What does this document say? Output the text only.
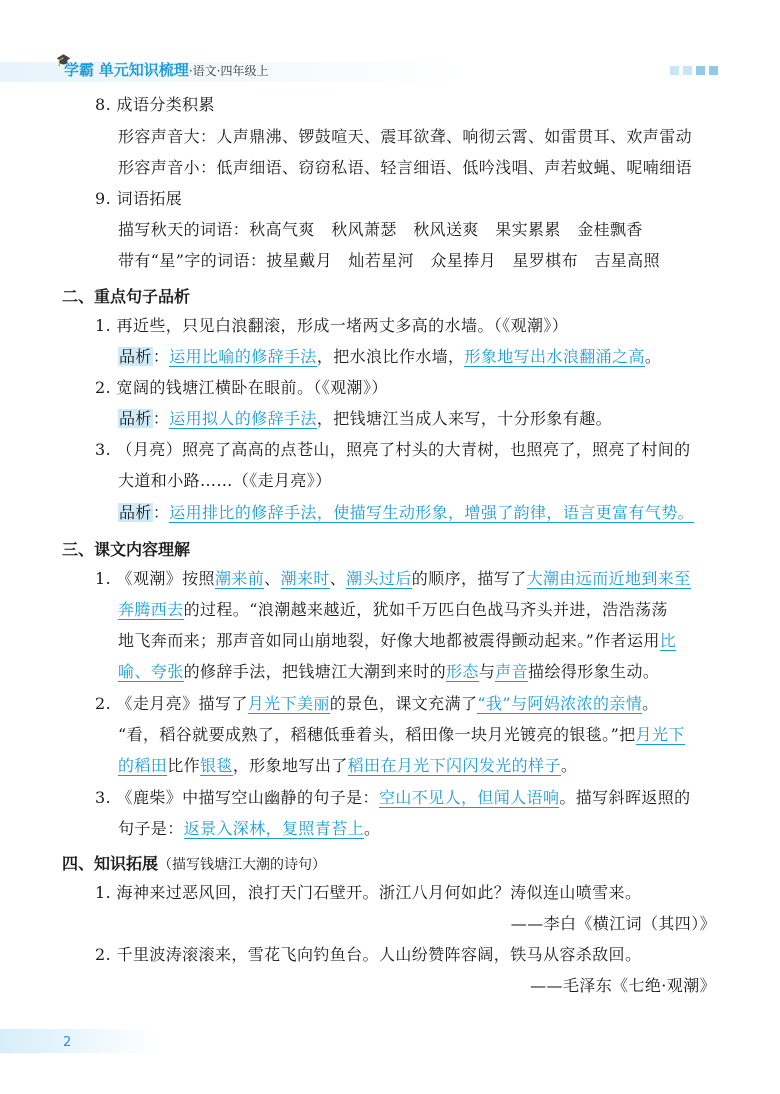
🎓
学霸 单元知识梳理·语文·四年级上
8. 成语分类积累
形容声音大：人声鼎沸、锣鼓喧天、震耳欲聋、响彻云霄、如雷贯耳、欢声雷动
形容声音小：低声细语、窃窃私语、轻言细语、低吟浅唱、声若蚊蝇、呢喃细语
9. 词语拓展
描写秋天的词语：秋高气爽　秋风萧瑟　秋风送爽　果实累累　金桂飘香
带有“星”字的词语：披星戴月　灿若星河　众星捧月　星罗棋布　吉星高照
二、重点句子品析
1. 再近些，只见白浪翻滚，形成一堵两丈多高的水墙。（《观潮》）
品析：运用比喻的修辞手法，把水浪比作水墙，形象地写出水浪翻涌之高。
2. 宽阔的钱塘江横卧在眼前。（《观潮》）
品析：运用拟人的修辞手法，把钱塘江当成人来写，十分形象有趣。
3. （月亮）照亮了高高的点苍山，照亮了村头的大青树，也照亮了，照亮了村间的
大道和小路……（《走月亮》）
品析：运用排比的修辞手法，使描写生动形象，增强了韵律，语言更富有气势。
三、课文内容理解
1. 《观潮》按照潮来前、潮来时、潮头过后的顺序，描写了大潮由远而近地到来至
奔腾西去的过程。“浪潮越来越近，犹如千万匹白色战马齐头并进，浩浩荡荡
地飞奔而来；那声音如同山崩地裂，好像大地都被震得颤动起来。”作者运用比
喻、夸张的修辞手法，把钱塘江大潮到来时的形态与声音描绘得形象生动。
2. 《走月亮》描写了月光下美丽的景色，课文充满了“我”与阿妈浓浓的亲情。
“看，稻谷就要成熟了，稻穗低垂着头，稻田像一块月光镀亮的银毯。”把月光下
的稻田比作银毯，形象地写出了稻田在月光下闪闪发光的样子。
3. 《鹿柴》中描写空山幽静的句子是：空山不见人，但闻人语响。描写斜晖返照的
句子是：返景入深林，复照青苔上。
四、知识拓展（描写钱塘江大潮的诗句）
1. 海神来过恶风回，浪打天门石壁开。浙江八月何如此？涛似连山喷雪来。
——李白《横江词（其四）》
2. 千里波涛滚滚来，雪花飞向钓鱼台。人山纷赞阵容阔，铁马从容杀敌回。
——毛泽东《七绝·观潮》
2
